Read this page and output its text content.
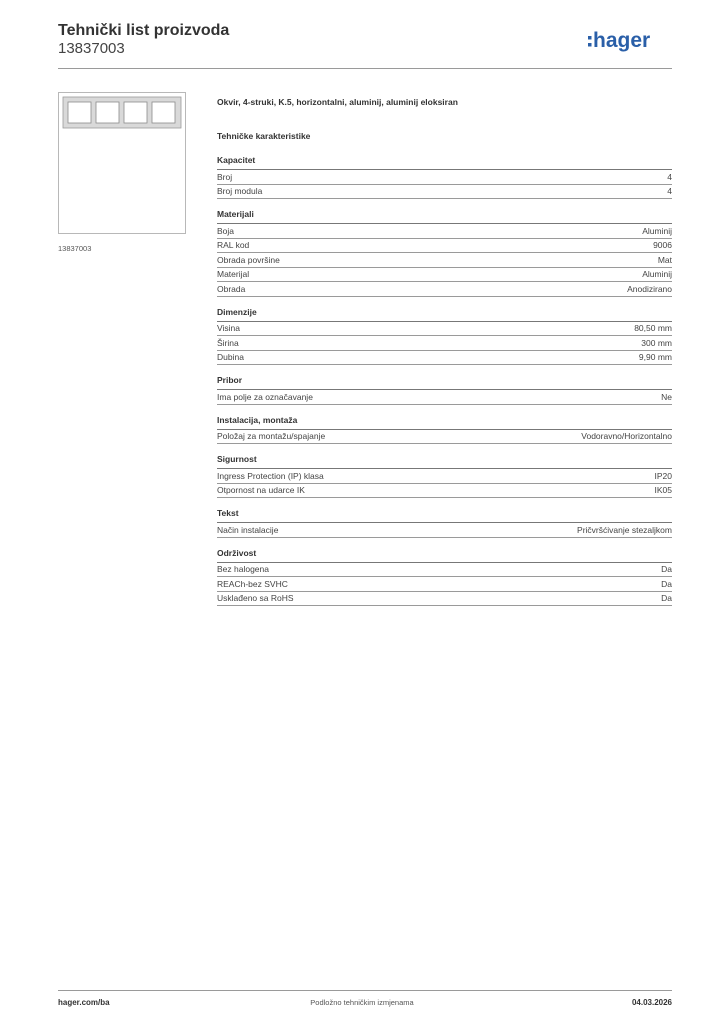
Tehnički list proizvoda
13837003	hager
13837003
Okvir, 4-struki, K.5, horizontalni, aluminij, aluminij eloksiran
Tehničke karakteristike
Kapacitet
Broj	4
Broj modula	4
Materijali
Boja	Aluminij
RAL kod	9006
Obrada površine	Mat
Materijal	Aluminij
Obrada	Anodizirano
Dimenzije
Visina	80,50 mm
Širina	300 mm
Dubina	9,90 mm
Pribor
Ima polje za označavanje	Ne
Instalacija, montaža
Položaj za montažu/spajanje	Vodoravno/Horizontalno
Sigurnost
Ingress Protection (IP) klasa	IP20
Otpornost na udarce IK	IK05
Tekst
Način instalacije	Pričvršćivanje stezaljkom
Održivost
Bez halogena	Da
REACh-bez SVHC	Da
Usklađeno sa RoHS	Da
hager.com/ba	Podložno tehničkim izmjenama	04.03.2026
